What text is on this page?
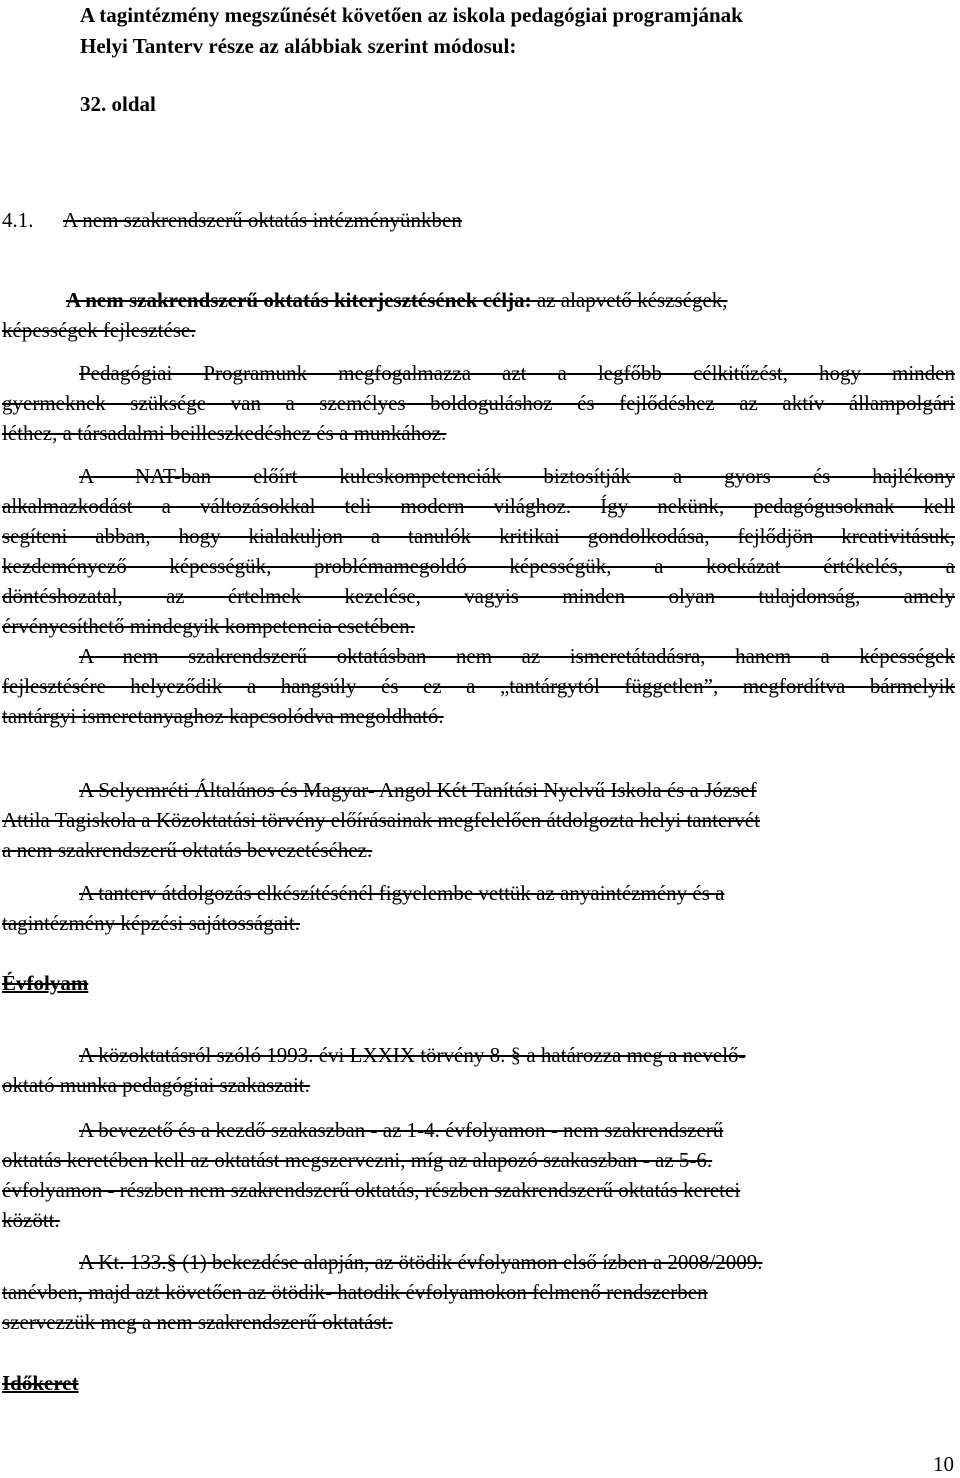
A tagintézmény megszűnését követően az iskola pedagógiai programjának
Helyi Tanterv része az alábbiak szerint módosul:
32. oldal
4.1.	A nem szakrendszerű oktatás intézményünkben
A nem szakrendszerű oktatás kiterjesztésének célja: az alapvető készségek,
képességek fejlesztése.
Pedagógiai Programunk megfogalmazza azt a legfőbb célkitűzést, hogy minden
gyermeknek szüksége van a személyes boldoguláshoz és fejlődéshez az aktív állampolgári
léthez, a társadalmi beilleszkedéshez és a munkához.
A NAT-ban előírt kulcskompetenciák biztosítják a gyors és hajlékony
alkalmazkodást a változásokkal teli modern világhoz. Így nekünk, pedagógusoknak kell
segíteni abban, hogy kialakuljon a tanulók kritikai gondolkodása, fejlődjön kreativitásuk,
kezdeményező képességük, problémamegoldó képességük, a kockázat értékelés, a
döntéshozatal, az értelmek kezelése, vagyis minden olyan tulajdonság, amely
érvényesíthető mindegyik kompetencia esetében.
A nem szakrendszerű oktatásban nem az ismeretátadásra, hanem a képességek
fejlesztésére helyeződik a hangsúly és ez a „tantárgytól független”, megfordítva bármelyik
tantárgyi ismeretanyaghoz kapcsolódva megoldható.
A Selyemréti Általános és Magyar- Angol Két Tanítási Nyelvű Iskola és a József
Attila Tagiskola a Közoktatási törvény előírásainak megfelelően átdolgozta helyi tantervét
a nem szakrendszerű oktatás bevezetéséhez.
A tanterv átdolgozás elkészítésénél figyelembe vettük az anyaintézmény és a
tagintézmény képzési sajátosságait.
Évfolyam
A közoktatásról szóló 1993. évi LXXIX törvény 8. § a határozza meg a nevelő-
oktató munka pedagógiai szakaszait.
A bevezető és a kezdő szakaszban - az 1-4. évfolyamon - nem szakrendszerű
oktatás keretében kell az oktatást megszervezni, míg az alapozó szakaszban - az 5-6.
évfolyamon - részben nem szakrendszerű oktatás, részben szakrendszerű oktatás keretei
között.
A Kt. 133.§ (1) bekezdése alapján, az ötödik évfolyamon első ízben a 2008/2009.
tanévben, majd azt követően az ötödik- hatodik évfolyamokon felmenő rendszerben
szervezzük meg a nem szakrendszerű oktatást.
Időkeret
10
